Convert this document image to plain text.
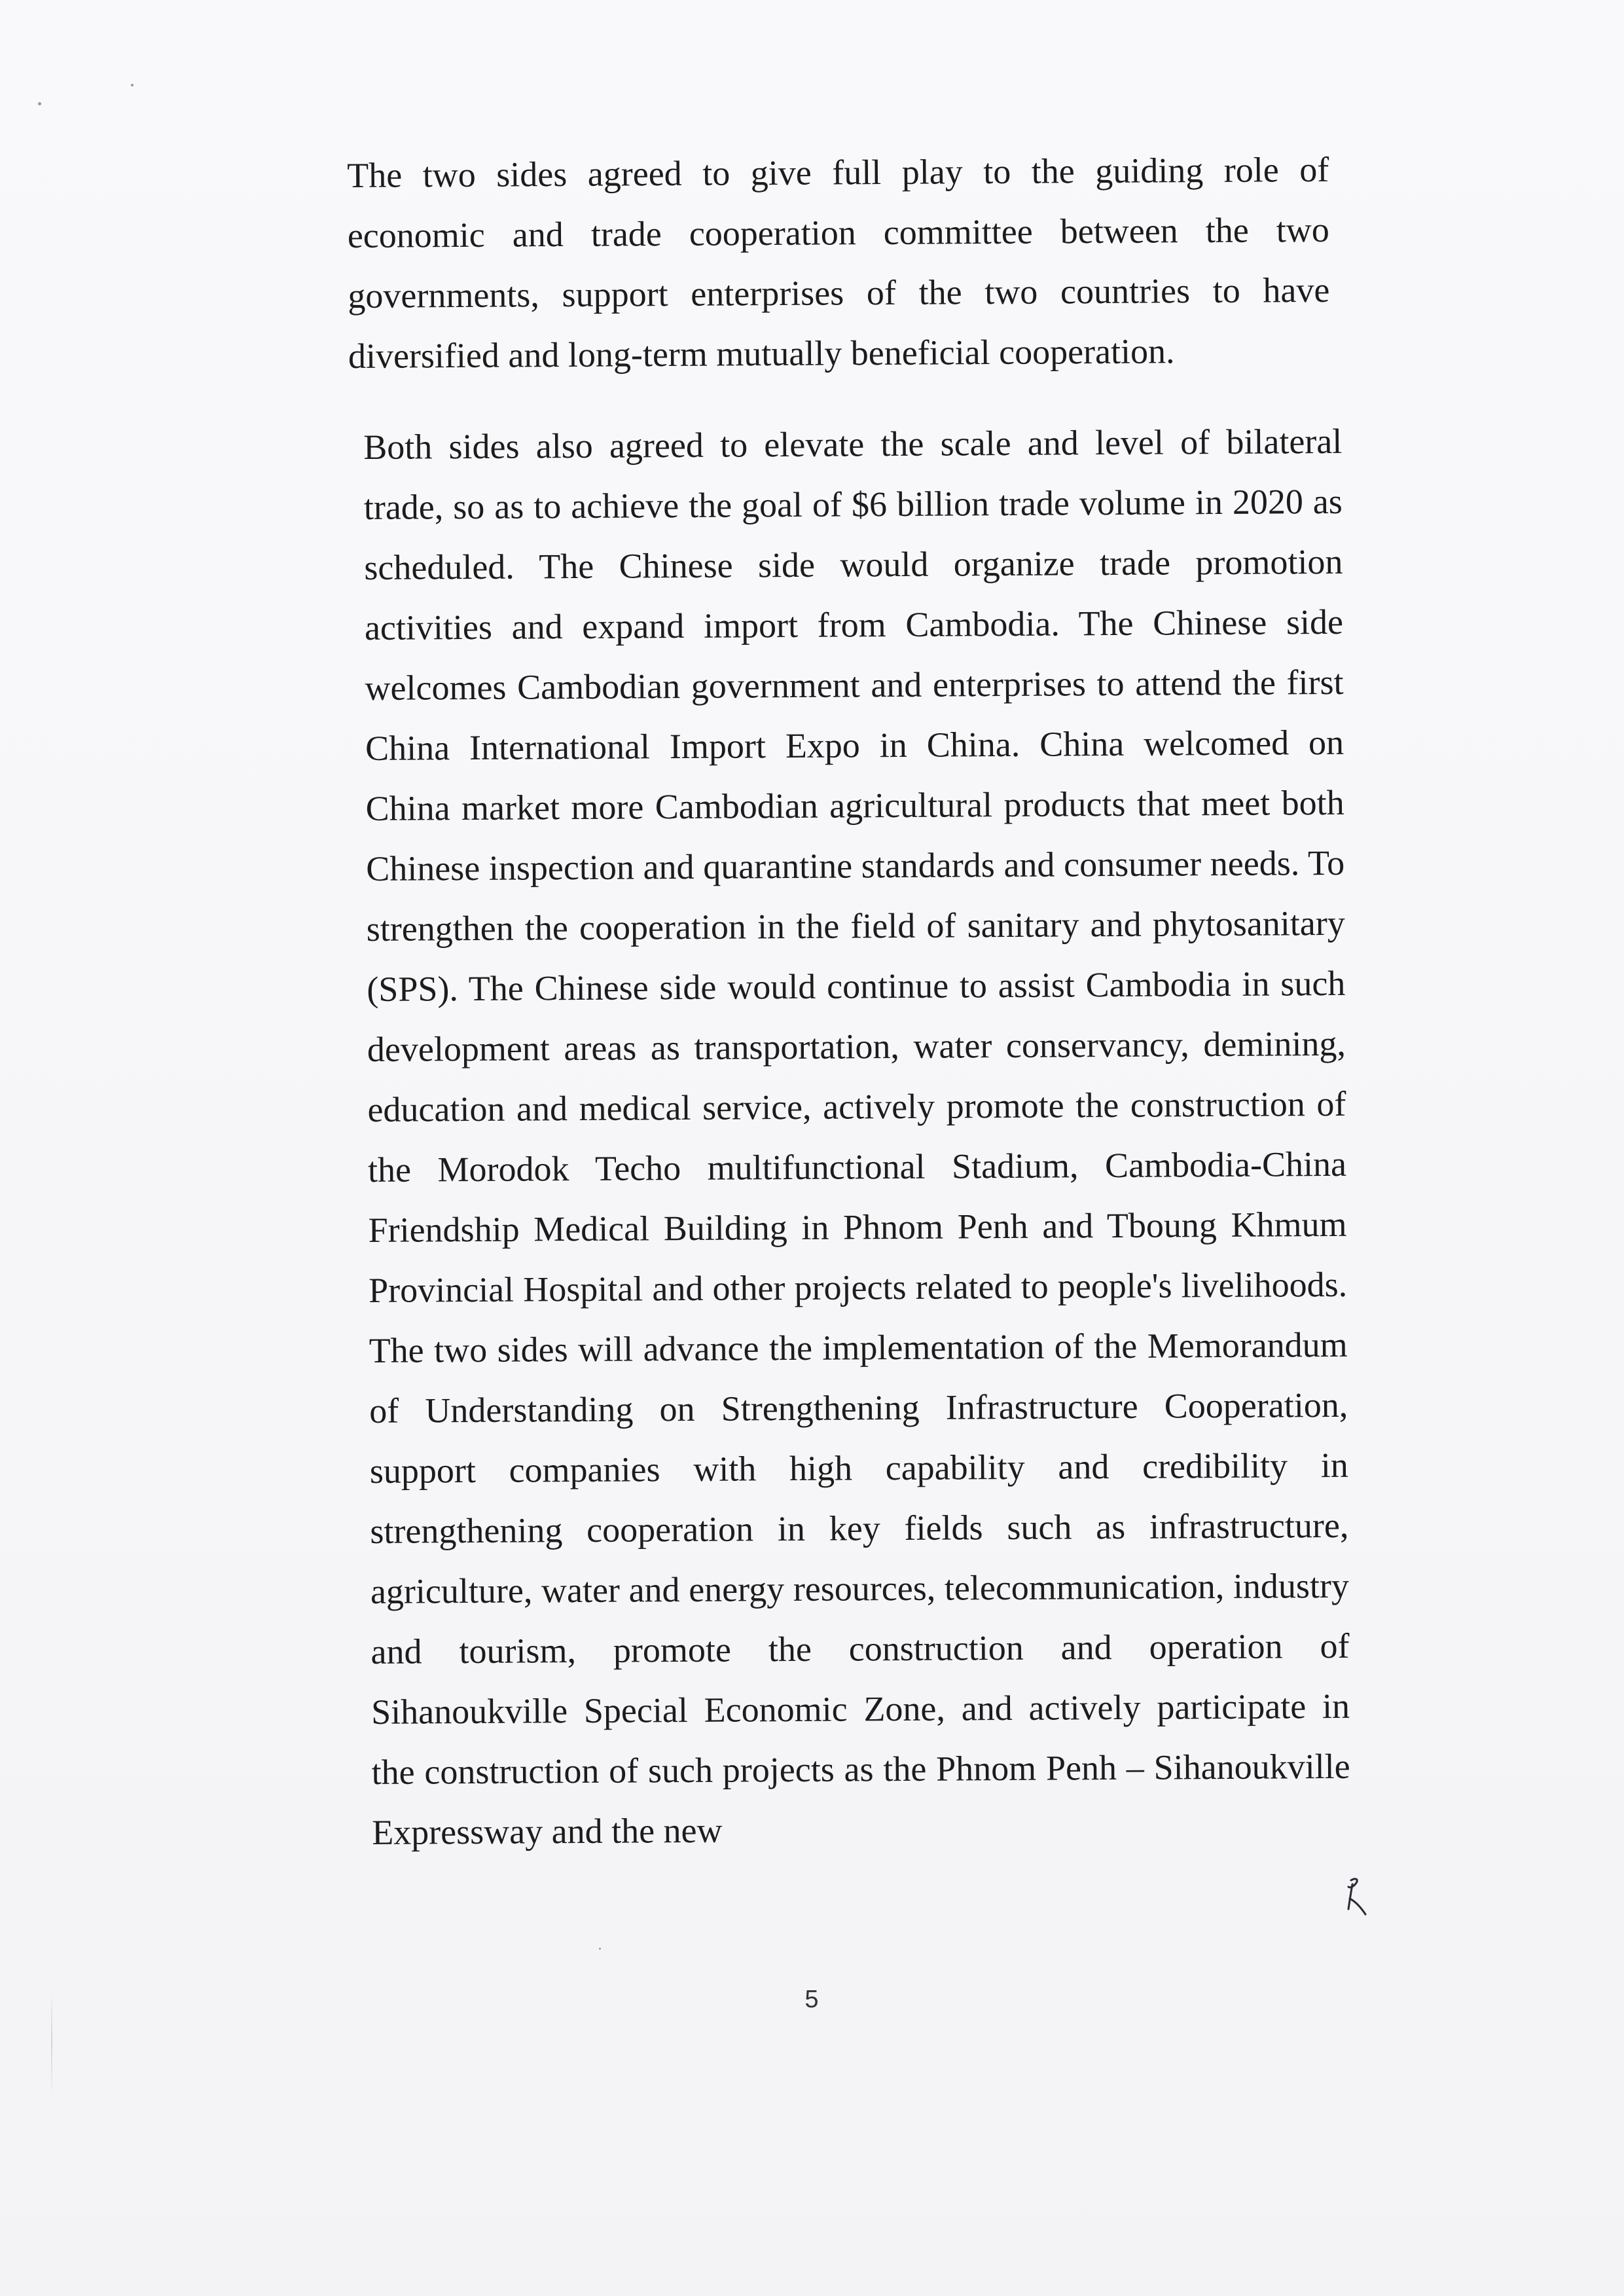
The two sides agreed to give full play to the guiding role of economic and trade cooperation committee between the two governments, support enterprises of the two countries to have diversified and long-term mutually beneficial cooperation.

Both sides also agreed to elevate the scale and level of bilateral trade, so as to achieve the goal of $6 billion trade volume in 2020 as scheduled. The Chinese side would organize trade promotion activities and expand import from Cambodia. The Chinese side welcomes Cambodian government and enterprises to attend the first China International Import Expo in China. China welcomed on China market more Cambodian agricultural products that meet both Chinese inspection and quarantine standards and consumer needs. To strengthen the cooperation in the field of sanitary and phytosanitary (SPS). The Chinese side would continue to assist Cambodia in such development areas as transportation, water conservancy, demining, education and medical service, actively promote the construction of the Morodok Techo multifunctional Stadium, Cambodia-China Friendship Medical Building in Phnom Penh and Tboung Khmum Provincial Hospital and other projects related to people's livelihoods. The two sides will advance the implementation of the Memorandum of Understanding on Strengthening Infrastructure Cooperation, support companies with high capability and credibility in strengthening cooperation in key fields such as infrastructure, agriculture, water and energy resources, telecommunication, industry and tourism, promote the construction and operation of Sihanoukville Special Economic Zone, and actively participate in the construction of such projects as the Phnom Penh – Sihanoukville Expressway and the new

5
